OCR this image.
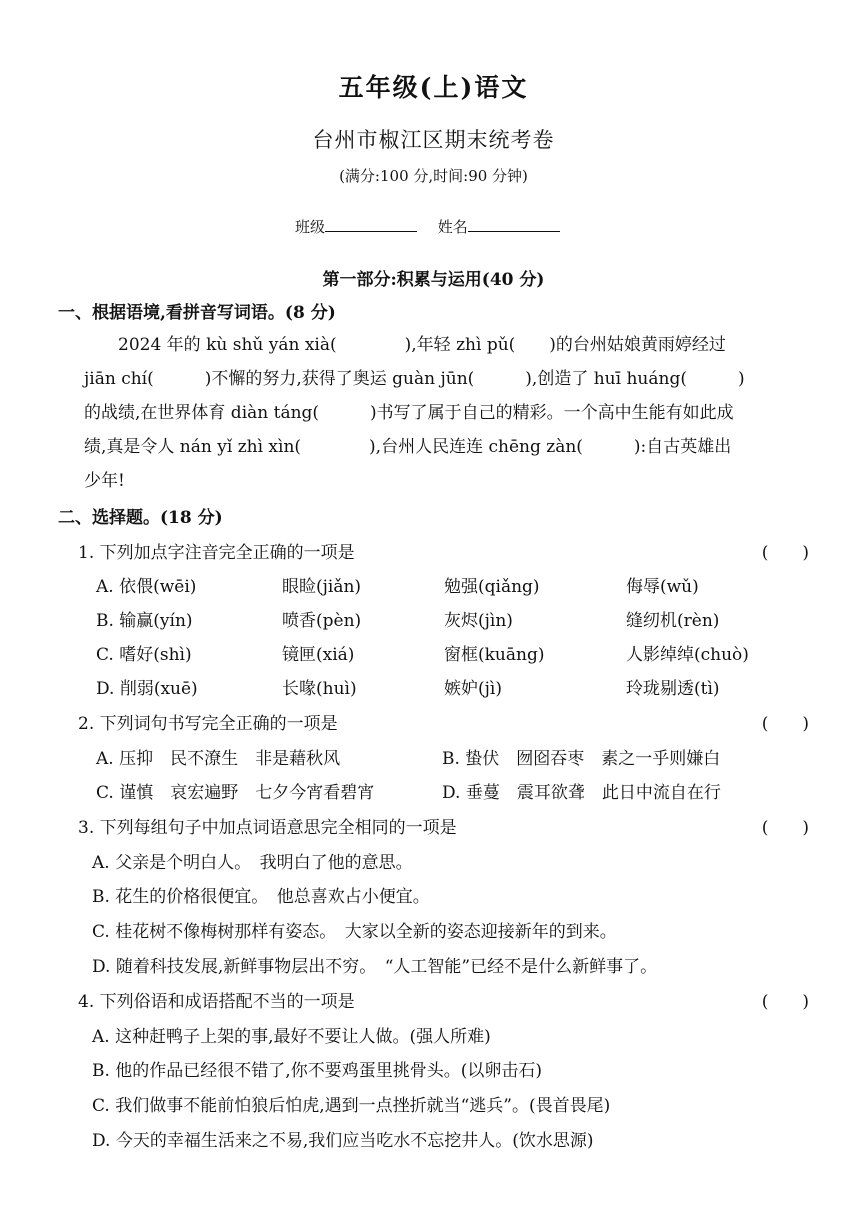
五年级(上)语文
台州市椒江区期末统考卷
(满分:100 分,时间:90 分钟)
班级	姓名
第一部分:积累与运用(40 分)
一、根据语境,看拼音写词语。(8 分)
2024 年的 kù shǔ yán xià(　　　　),年轻 zhì pǔ(　　)的台州姑娘黄雨婷经过
jiān chí(　　　)不懈的努力,获得了奥运 guàn jūn(　　　),创造了 huī huáng(　　　)
的战绩,在世界体育 diàn táng(　　　)书写了属于自己的精彩。一个高中生能有如此成
绩,真是令人 nán yǐ zhì xìn(　　　　),台州人民连连 chēng zàn(　　　):自古英雄出
少年!
二、选择题。(18 分)
1. 下列加点字注音完全正确的一项是	(　　)
A. 依偎(wēi)	眼睑(jiǎn)	勉强(qiǎng)	侮辱(wǔ)
B. 输赢(yín)	喷香(pèn)	灰烬(jìn)	缝纫机(rèn)
C. 嗜好(shì)	镜匣(xiá)	窗框(kuāng)	人影绰绰(chuò)
D. 削弱(xuē)	长喙(huì)	嫉妒(jì)	玲珑剔透(tì)
2. 下列词句书写完全正确的一项是	(　　)
A. 压抑　民不潦生　非是藉秋风	B. 蛰伏　囫囵吞枣　素之一乎则嫌白
C. 谨慎　哀宏遍野　七夕今宵看碧宵	D. 垂蔓　震耳欲聋　此日中流自在行
3. 下列每组句子中加点词语意思完全相同的一项是	(　　)
A. 父亲是个明白人。　我明白了他的意思。
B. 花生的价格很便宜。　他总喜欢占小便宜。
C. 桂花树不像梅树那样有姿态。　大家以全新的姿态迎接新年的到来。
D. 随着科技发展,新鲜事物层出不穷。　“人工智能”已经不是什么新鲜事了。
4. 下列俗语和成语搭配不当的一项是	(　　)
A. 这种赶鸭子上架的事,最好不要让人做。(强人所难)
B. 他的作品已经很不错了,你不要鸡蛋里挑骨头。(以卵击石)
C. 我们做事不能前怕狼后怕虎,遇到一点挫折就当“逃兵”。(畏首畏尾)
D. 今天的幸福生活来之不易,我们应当吃水不忘挖井人。(饮水思源)
